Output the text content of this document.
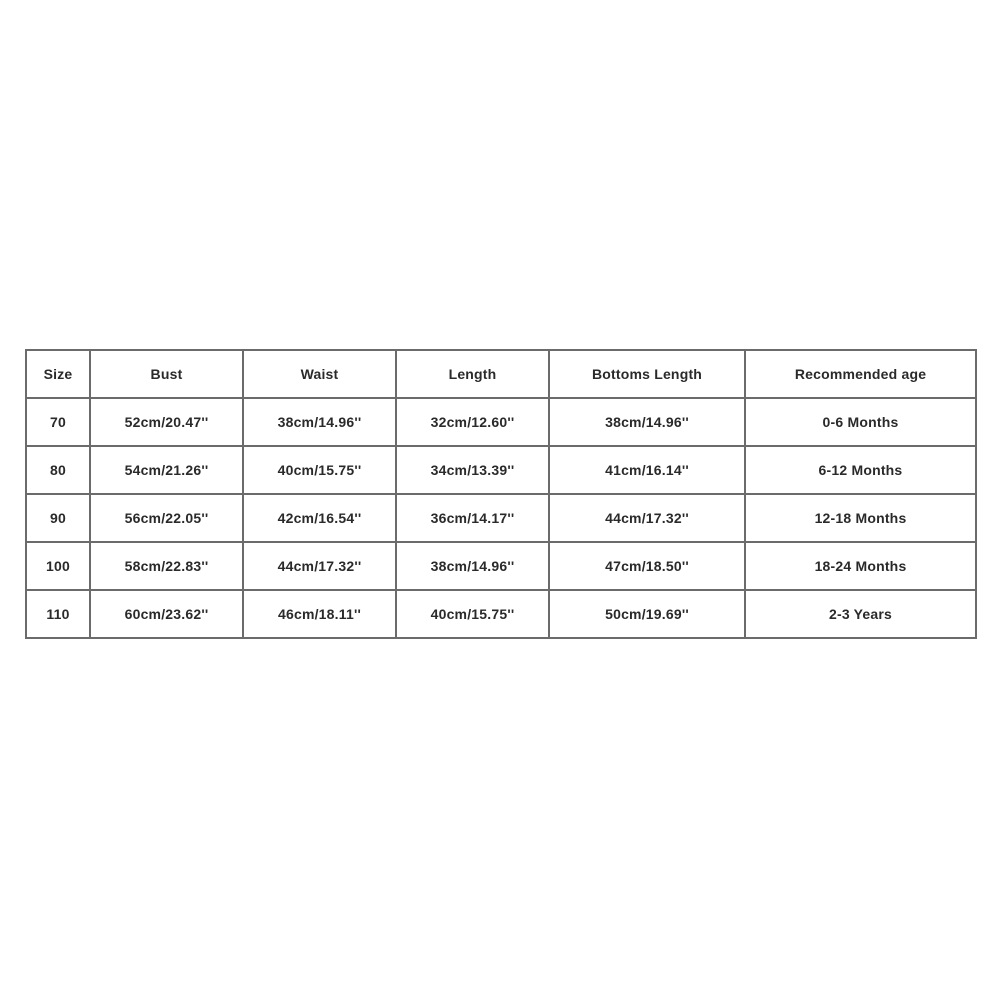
Size	Bust	Waist	Length	Bottoms Length	Recommended age
70	52cm/20.47''	38cm/14.96''	32cm/12.60''	38cm/14.96''	0-6 Months
80	54cm/21.26''	40cm/15.75''	34cm/13.39''	41cm/16.14''	6-12 Months
90	56cm/22.05''	42cm/16.54''	36cm/14.17''	44cm/17.32''	12-18 Months
100	58cm/22.83''	44cm/17.32''	38cm/14.96''	47cm/18.50''	18-24 Months
110	60cm/23.62''	46cm/18.11''	40cm/15.75''	50cm/19.69''	2-3 Years
